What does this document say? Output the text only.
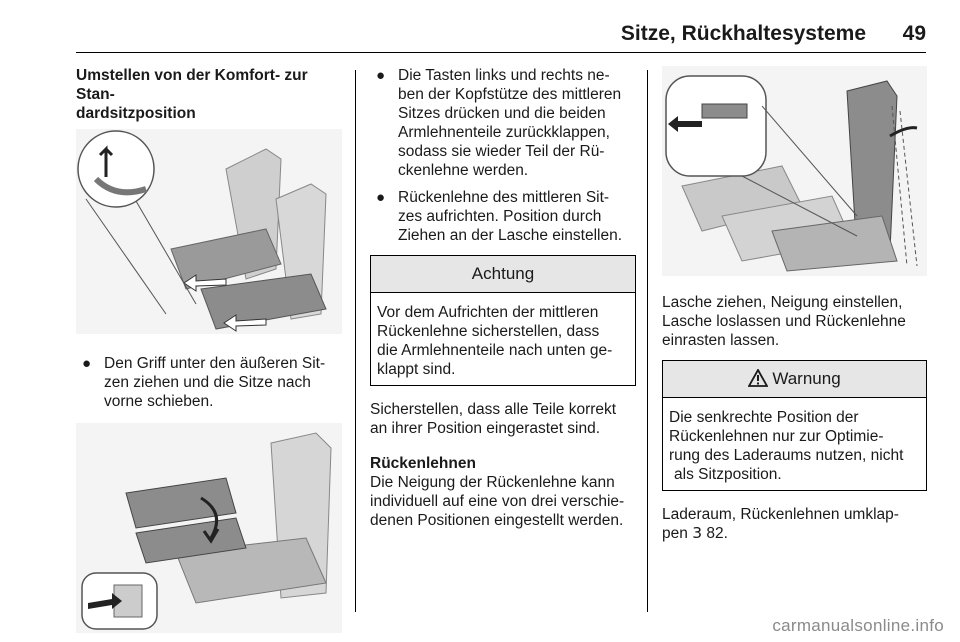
Sitze, Rückhaltesysteme 49
Umstellen von der Komfort- zur Stan-
dardsitzposition
● Den Griff unter den äußeren Sit-
zen ziehen und die Sitze nach
vorne schieben.
● Die Tasten links und rechts ne-
ben der Kopfstütze des mittleren
Sitzes drücken und die beiden
Armlehnenteile zurückklappen,
sodass sie wieder Teil der Rü-
ckenlehne werden.
● Rückenlehne des mittleren Sit-
zes aufrichten. Position durch
Ziehen an der Lasche einstellen.
Achtung
Vor dem Aufrichten der mittleren
Rückenlehne sicherstellen, dass
die Armlehnenteile nach unten ge-
klappt sind.
Sicherstellen, dass alle Teile korrekt
an ihrer Position eingerastet sind.
Rückenlehnen
Die Neigung der Rückenlehne kann
individuell auf eine von drei verschie-
denen Positionen eingestellt werden.
Lasche ziehen, Neigung einstellen,
Lasche loslassen und Rückenlehne
einrasten lassen.
Warnung
Die senkrechte Position der
Rückenlehnen nur zur Optimie-
rung des Laderaums nutzen, nicht
als Sitzposition.
Laderaum, Rückenlehnen umklap-
pen 3 82.
carmanualsonline.info
